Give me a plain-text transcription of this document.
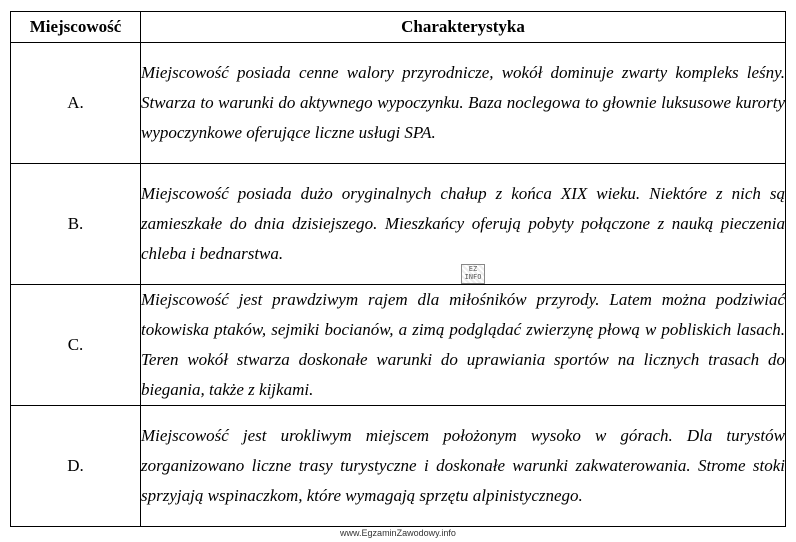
Miejscowość	Charakterystyka
A.	Miejscowość posiada cenne walory przyrodnicze, wokół dominuje zwarty kompleks leśny. Stwarza to warunki do aktywnego wypoczynku. Baza noclegowa to głownie luksusowe kurorty wypoczynkowe oferujące liczne usługi SPA.
B.	Miejscowość posiada dużo oryginalnych chałup z końca XIX wieku. Niektóre z nich są zamieszkałe do dnia dzisiejszego. Mieszkańcy oferują pobyty połączone z nauką pieczenia chleba i bednarstwa.
C.	Miejscowość jest prawdziwym rajem dla miłośników przyrody. Latem można podziwiać tokowiska ptaków, sejmiki bocianów, a zimą podglądać zwierzynę płową w pobliskich lasach. Teren wokół stwarza doskonałe warunki do uprawiania sportów na licznych trasach do biegania, także z kijkami.
D.	Miejscowość jest urokliwym miejscem położonym wysoko w górach. Dla turystów zorganizowano liczne trasy turystyczne i doskonałe warunki zakwaterowania. Strome stoki sprzyjają wspinaczkom, które wymagają sprzętu alpinistycznego.
EZ INFO
www.EgzaminZawodowy.info
